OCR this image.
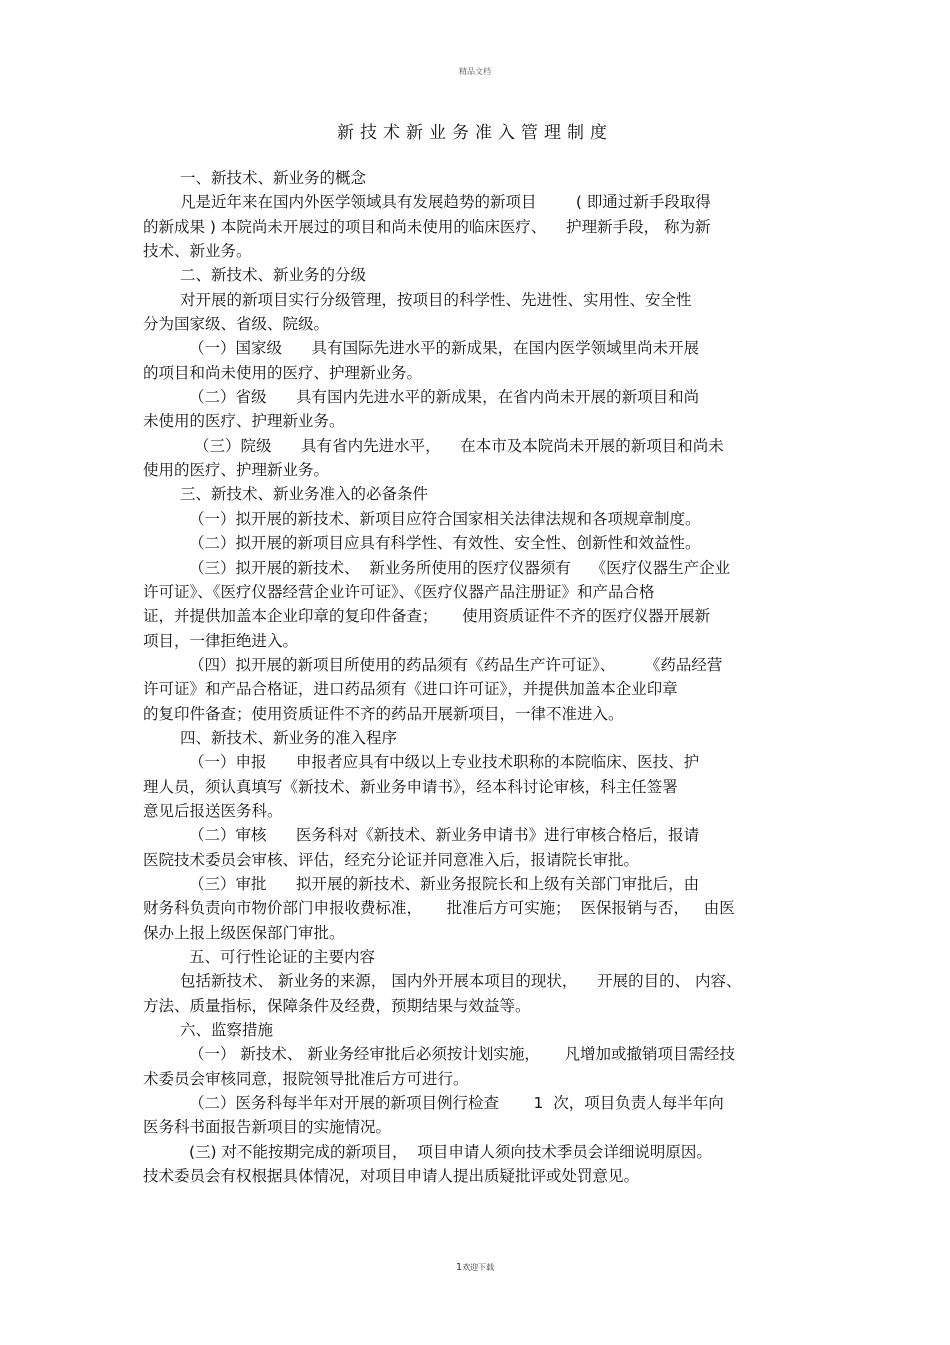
精品文档
新技术新业务准入管理制度
一、新技术、新业务的概念
凡是近年来在国内外医学领域具有发展趋势的新项目        ( 即通过新手段取得
的新成果 ) 本院尚未开展过的项目和尚未使用的临床医疗、    护理新手段， 称为新
技术、新业务。
二、新技术、新业务的分级
对开展的新项目实行分级管理，按项目的科学性、先进性、实用性、安全性
分为国家级、省级、院级。
（一）国家级      具有国际先进水平的新成果，在国内医学领域里尚未开展
的项目和尚未使用的医疗、护理新业务。
（二）省级      具有国内先进水平的新成果，在省内尚未开展的新项目和尚
未使用的医疗、护理新业务。
（三）院级      具有省内先进水平，    在本市及本院尚未开展的新项目和尚未
使用的医疗、护理新业务。
三、新技术、新业务准入的必备条件
（一）拟开展的新技术、新项目应符合国家相关法律法规和各项规章制度。
（二）拟开展的新项目应具有科学性、有效性、安全性、创新性和效益性。
（三）拟开展的新技术、  新业务所使用的医疗仪器须有    《医疗仪器生产企业
许可证》、《医疗仪器经营企业许可证》、《医疗仪器产品注册证》和产品合格
证，并提供加盖本企业印章的复印件备查；     使用资质证件不齐的医疗仪器开展新
项目，一律拒绝进入。
（四）拟开展的新项目所使用的药品须有《药品生产许可证》、      《药品经营
许可证》和产品合格证，进口药品须有《进口许可证》，并提供加盖本企业印章
的复印件备查；使用资质证件不齐的药品开展新项目，一律不准进入。
四、新技术、新业务的准入程序
（一）申报      申报者应具有中级以上专业技术职称的本院临床、医技、护
理人员，须认真填写《新技术、新业务申请书》，经本科讨论审核，科主任签署
意见后报送医务科。
（二）审核      医务科对《新技术、新业务申请书》进行审核合格后，报请
医院技术委员会审核、评估，经充分论证并同意准入后，报请院长审批。
（三）审批      拟开展的新技术、新业务报院长和上级有关部门审批后，由
财务科负责向市物价部门申报收费标准，     批准后方可实施；  医保报销与否，   由医
保办上报上级医保部门审批。
五、可行性论证的主要内容
包括新技术、 新业务的来源， 国内外开展本项目的现状，    开展的目的、 内容、
方法、质量指标，保障条件及经费，预期结果与效益等。
六、监察措施
（一） 新技术、 新业务经审批后必须按计划实施，     凡增加或撤销项目需经技
术委员会审核同意，报院领导批准后方可进行。
（二）医务科每半年对开展的新项目例行检查       1  次，项目负责人每半年向
医务科书面报告新项目的实施情况。
(三) 对不能按期完成的新项目，  项目申请人须向技术季员会详细说明原因。
技术委员会有权根据具体情况，对项目申请人提出质疑批评或处罚意见。
1欢迎下载
